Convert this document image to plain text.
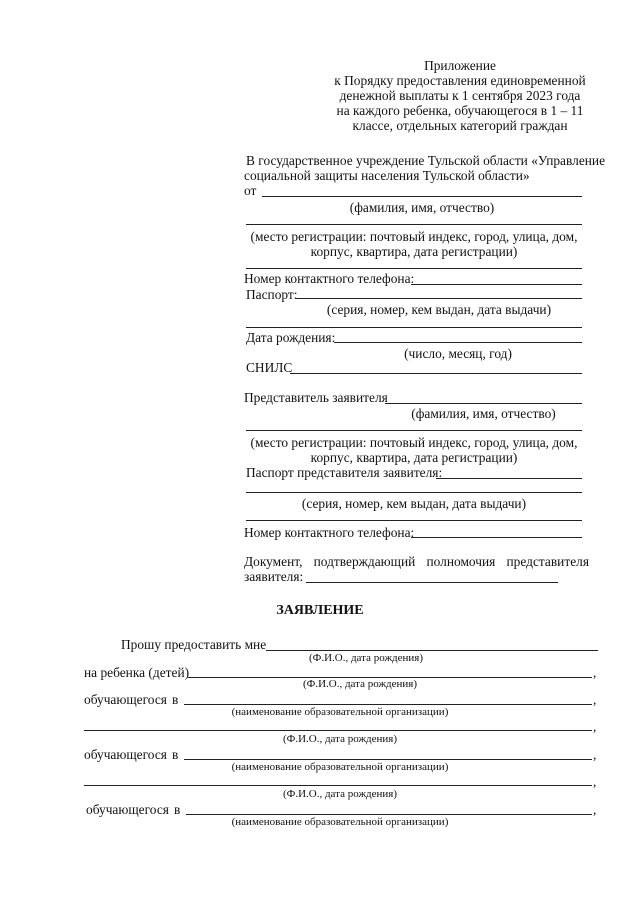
Приложение
к Порядку предоставления единовременной
денежной выплаты к 1 сентября 2023 года
на каждого ребенка, обучающегося в 1 – 11
классе, отдельных категорий граждан
В государственное учреждение Тульской области «Управление
социальной защиты населения Тульской области»
от
(фамилия, имя, отчество)
(место регистрации: почтовый индекс, город, улица, дом,
корпус, квартира, дата регистрации)
Номер контактного телефона:
Паспорт:
(серия, номер, кем выдан, дата выдачи)
Дата рождения:
(число, месяц, год)
СНИЛС
Представитель заявителя
(фамилия, имя, отчество)
(место регистрации: почтовый индекс, город, улица, дом,
корпус, квартира, дата регистрации)
Паспорт представителя заявителя:
(серия, номер, кем выдан, дата выдачи)
Номер контактного телефона:
Документ, подтверждающий полномочия представителя
заявителя:
ЗАЯВЛЕНИЕ
Прошу предоставить мне
(Ф.И.О., дата рождения)
на ребенка (детей)	,
(Ф.И.О., дата рождения)
обучающегося в	,
(наименование образовательной организации)
,
(Ф.И.О., дата рождения)
обучающегося в	,
(наименование образовательной организации)
,
(Ф.И.О., дата рождения)
обучающегося в	,
(наименование образовательной организации)
